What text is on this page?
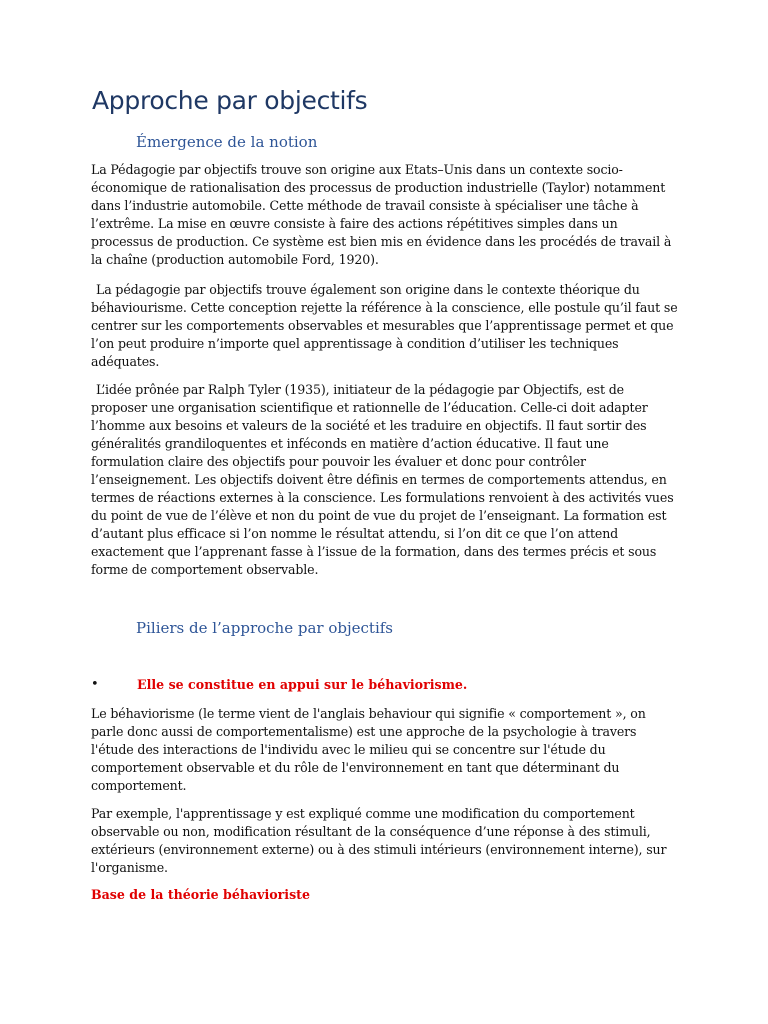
Approche par objectifs
Émergence de la notion

La Pédagogie par objectifs trouve son origine aux Etats–Unis dans un contexte socio-économique de rationalisation des processus de production industrielle (Taylor) notamment dans l’industrie automobile. Cette méthode de travail consiste à spécialiser une tâche à l’extrême. La mise en œuvre consiste à faire des actions répétitives simples dans un processus de production. Ce système est bien mis en évidence dans les procédés de travail à la chaîne (production automobile Ford, 1920).

La pédagogie par objectifs trouve également son origine dans le contexte théorique du béhaviourisme. Cette conception rejette la référence à la conscience, elle postule qu’il faut se centrer sur les comportements observables et mesurables que l’apprentissage permet et que l’on peut produire n’importe quel apprentissage à condition d’utiliser les techniques adéquates.

L’idée prônée par Ralph Tyler (1935), initiateur de la pédagogie par Objectifs, est de proposer une organisation scientifique et rationnelle de l’éducation. Celle-ci doit adapter l’homme aux besoins et valeurs de la société et les traduire en objectifs. Il faut sortir des généralités grandiloquentes et inféconds en matière d’action éducative. Il faut une formulation claire des objectifs pour pouvoir les évaluer et donc pour contrôler l’enseignement. Les objectifs doivent être définis en termes de comportements attendus, en termes de réactions externes à la conscience. Les formulations renvoient à des activités vues du point de vue de l’élève et non du point de vue du projet de l’enseignant. La formation est d’autant plus efficace si l’on nomme le résultat attendu, si l’on dit ce que l’on attend exactement que l’apprenant fasse à l’issue de la formation, dans des termes précis et sous forme de comportement observable.

Piliers de l’approche par objectifs
•	Elle se constitue en appui sur le béhaviorisme.

Le béhaviorisme (le terme vient de l'anglais behaviour qui signifie « comportement », on parle donc aussi de comportementalisme) est une approche de la psychologie à travers l'étude des interactions de l'individu avec le milieu qui se concentre sur l'étude du comportement observable et du rôle de l'environnement en tant que déterminant du comportement.

Par exemple, l'apprentissage y est expliqué comme une modification du comportement observable ou non, modification résultant de la conséquence d’une réponse à des stimuli, extérieurs (environnement externe) ou à des stimuli intérieurs (environnement interne), sur l'organisme.

Base de la théorie béhavioriste
